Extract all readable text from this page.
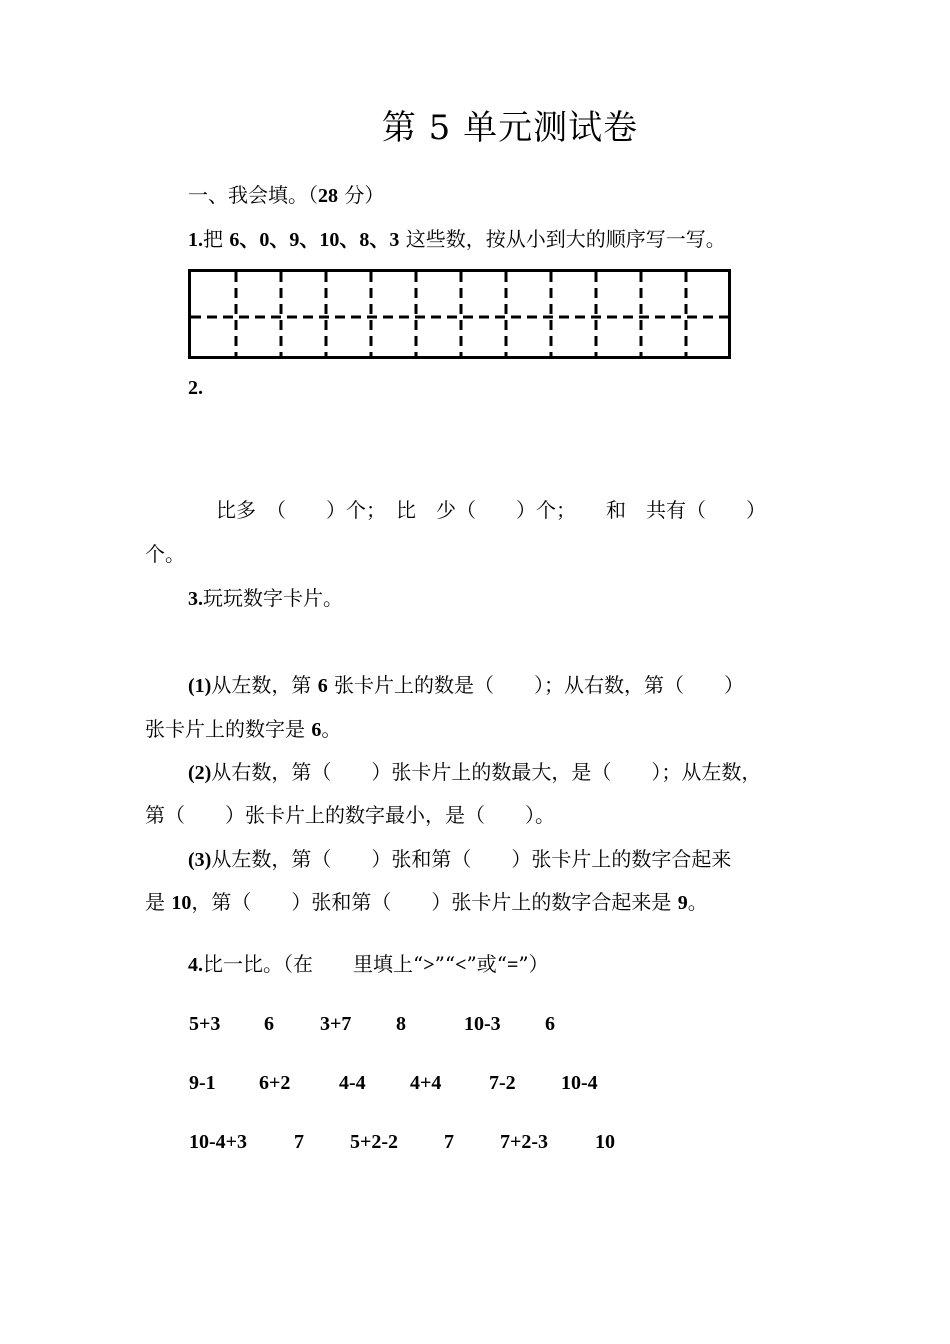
第 5 单元测试卷
一、我会填。（28 分）
1.把 6、0、9、10、8、3 这些数，按从小到大的顺序写一写。
2.
比多　（　　）个；　比　少（　　）个；　　和　共有（　　）
个。
3.玩玩数字卡片。
(1)从左数，第 6 张卡片上的数是（　　）；从右数，第（　　）
张卡片上的数字是 6。
(2)从右数，第（　　）张卡片上的数最大，是（　　）；从左数，
第（　　）张卡片上的数字最小，是（　　）。
(3)从左数，第（　　）张和第（　　）张卡片上的数字合起来
是 10，第（　　）张和第（　　）张卡片上的数字合起来是 9。
4.比一比。（在　　里填上“>”“<”或“=”）
5+3 6 3+7 8	10-3 6
9-1 6+2 4-4 4+4 7-2 10-4
10-4+3 7 5+2-2 7 7+2-3 10
